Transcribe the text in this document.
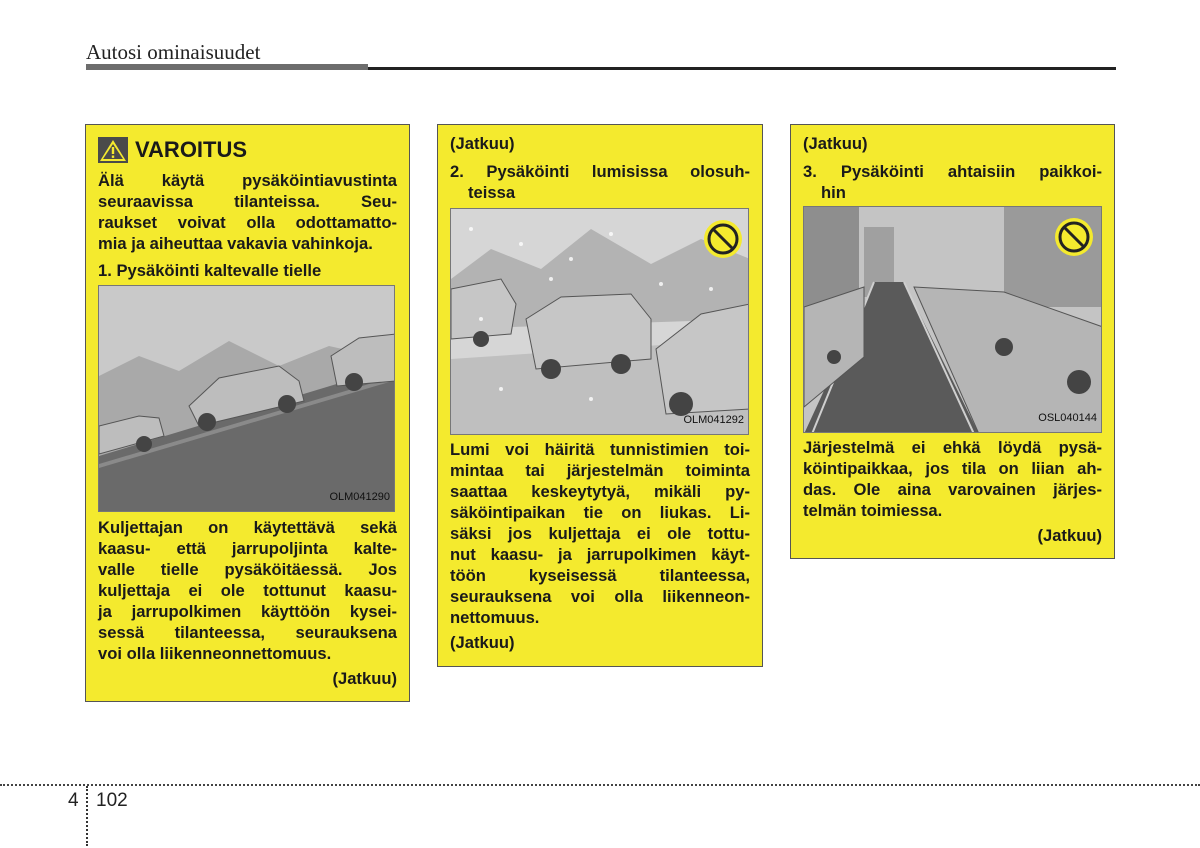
Autosi ominaisuudet
VAROITUS
Älä käytä pysäköintiavustinta
seuraavissa tilanteissa. Seu-
raukset voivat olla odottamatto-
mia ja aiheuttaa vakavia vahinkoja.
1. Pysäköinti kaltevalle tielle
OLM041290
Kuljettajan on käytettävä sekä
kaasu- että jarrupoljinta kalte-
valle tielle pysäköitäessä. Jos
kuljettaja ei ole tottunut kaasu-
ja jarrupolkimen käyttöön kysei-
sessä tilanteessa, seurauksena
voi olla liikenneonnettomuus.
(Jatkuu)
(Jatkuu)
2. Pysäköinti lumisissa olosuh-
teissa
OLM041292
Lumi voi häiritä tunnistimien toi-
mintaa tai järjestelmän toiminta
saattaa keskeytytyä, mikäli py-
säköintipaikan tie on liukas. Li-
säksi jos kuljettaja ei ole tottu-
nut kaasu- ja jarrupolkimen käyt-
töön kyseisessä tilanteessa,
seurauksena voi olla liikenneon-
nettomuus.
(Jatkuu)
(Jatkuu)
3. Pysäköinti ahtaisiin paikkoi-
hin
OSL040144
Järjestelmä ei ehkä löydä pysä-
köintipaikkaa, jos tila on liian ah-
das. Ole aina varovainen järjes-
telmän toimiessa.
(Jatkuu)
4 102
